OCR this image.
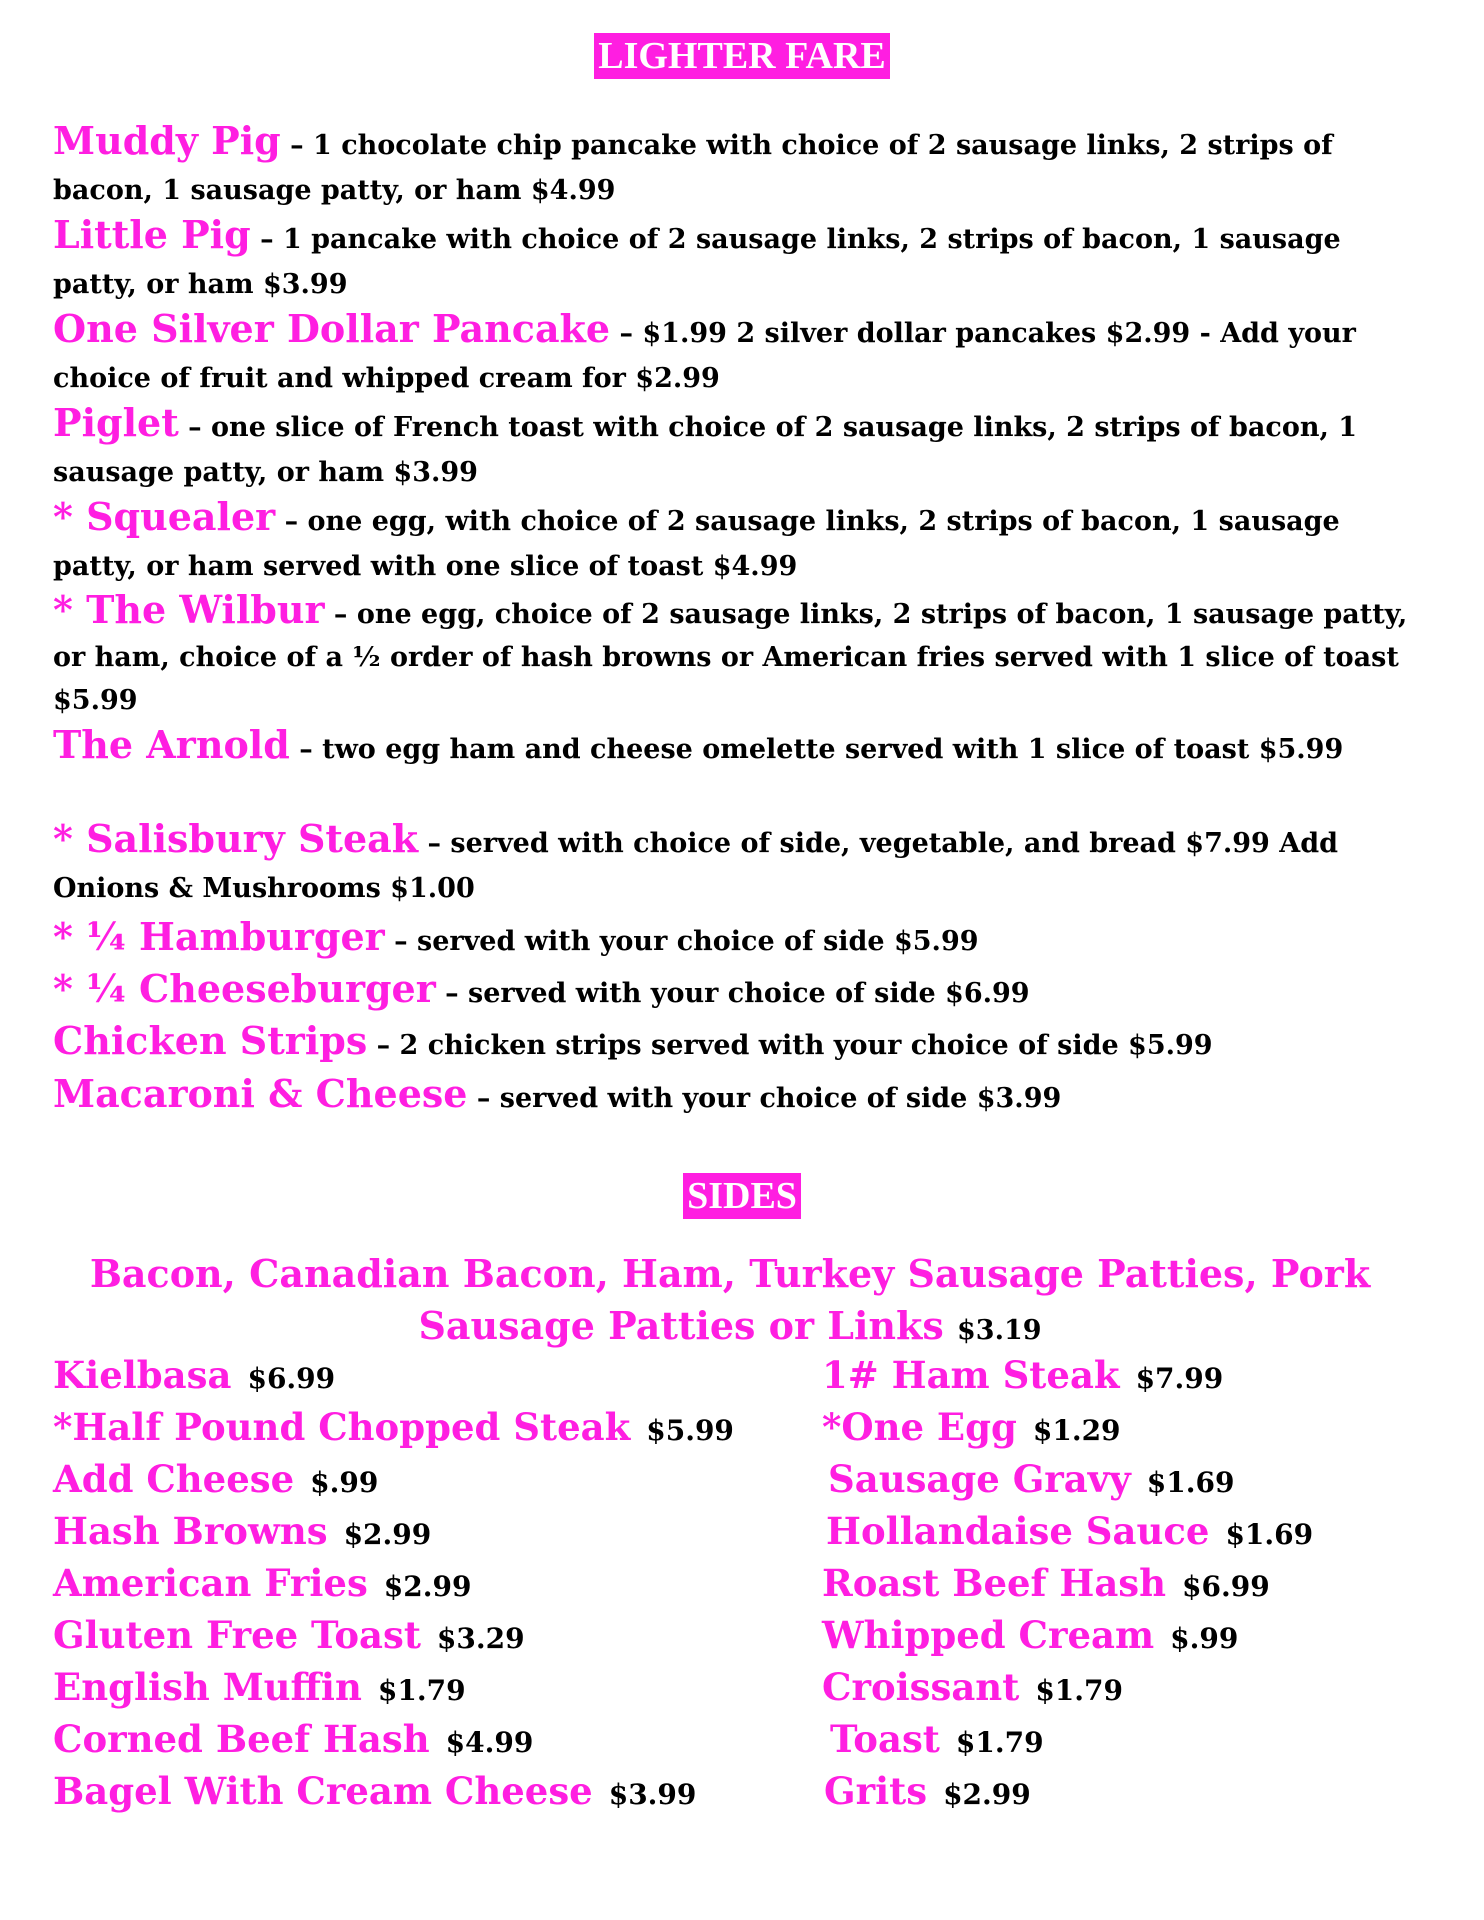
LIGHTER FARE
Muddy Pig – 1 chocolate chip pancake with choice of 2 sausage links, 2 strips of bacon, 1 sausage patty, or ham $4.99
Little Pig – 1 pancake with choice of 2 sausage links, 2 strips of bacon, 1 sausage patty, or ham $3.99
One Silver Dollar Pancake – $1.99 2 silver dollar pancakes $2.99 - Add your choice of fruit and whipped cream for $2.99
Piglet – one slice of French toast with choice of 2 sausage links, 2 strips of bacon, 1 sausage patty, or ham $3.99
* Squealer – one egg, with choice of 2 sausage links, 2 strips of bacon, 1 sausage patty, or ham served with one slice of toast $4.99
* The Wilbur – one egg, choice of 2 sausage links, 2 strips of bacon, 1 sausage patty, or ham, choice of a ½ order of hash browns or American fries served with 1 slice of toast $5.99
The Arnold – two egg ham and cheese omelette served with 1 slice of toast $5.99
* Salisbury Steak – served with choice of side, vegetable, and bread $7.99 Add Onions & Mushrooms $1.00
* ¼ Hamburger – served with your choice of side $5.99
* ¼ Cheeseburger – served with your choice of side $6.99
Chicken Strips – 2 chicken strips served with your choice of side $5.99
Macaroni & Cheese – served with your choice of side $3.99
SIDES
Bacon, Canadian Bacon, Ham, Turkey Sausage Patties, Pork Sausage Patties or Links $3.19
Kielbasa $6.99
*Half Pound Chopped Steak $5.99
Add Cheese $.99
Hash Browns $2.99
American Fries $2.99
Gluten Free Toast $3.29
English Muffin $1.79
Corned Beef Hash $4.99
Bagel With Cream Cheese $3.99
1# Ham Steak $7.99
*One Egg $1.29
Sausage Gravy $1.69
Hollandaise Sauce $1.69
Roast Beef Hash $6.99
Whipped Cream $.99
Croissant $1.79
Toast $1.79
Grits $2.99
